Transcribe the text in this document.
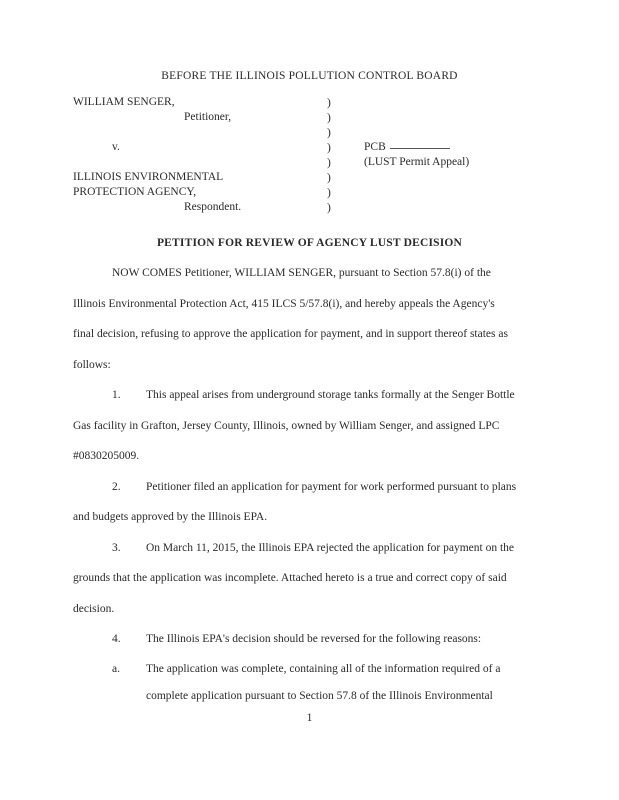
BEFORE THE ILLINOIS POLLUTION CONTROL BOARD
WILLIAM SENGER,
Petitioner,
v.
ILLINOIS ENVIRONMENTAL
PROTECTION AGENCY,
Respondent.
)
)
)
)
)
)
)
)
PCB
(LUST Permit Appeal)
PETITION FOR REVIEW OF AGENCY LUST DECISION
NOW COMES Petitioner, WILLIAM SENGER, pursuant to Section 57.8(i) of the
Illinois Environmental Protection Act, 415 ILCS 5/57.8(i), and hereby appeals the Agency's
final decision, refusing to approve the application for payment, and in support thereof states as
follows:
1. This appeal arises from underground storage tanks formally at the Senger Bottle
Gas facility in Grafton, Jersey County, Illinois, owned by William Senger, and assigned LPC
#0830205009.
2. Petitioner filed an application for payment for work performed pursuant to plans
and budgets approved by the Illinois EPA.
3. On March 11, 2015, the Illinois EPA rejected the application for payment on the
grounds that the application was incomplete. Attached hereto is a true and correct copy of said
decision.
4. The Illinois EPA's decision should be reversed for the following reasons:
a. The application was complete, containing all of the information required of a
complete application pursuant to Section 57.8 of the Illinois Environmental
1
